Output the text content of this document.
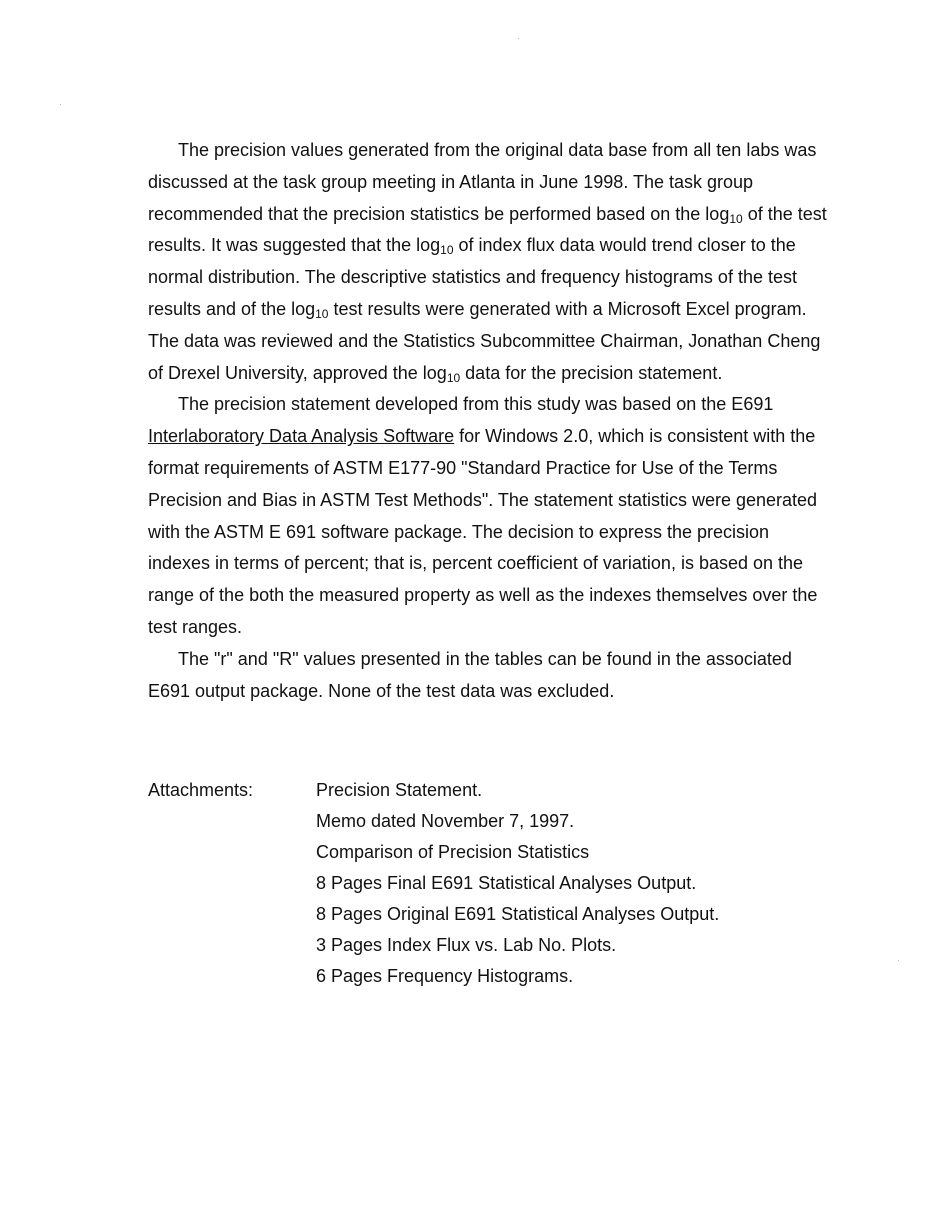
The precision values generated from the original data base from all ten labs was discussed at the task group meeting in Atlanta in June 1998. The task group recommended that the precision statistics be performed based on the $\log_{10}$ of the test results. It was suggested that the $\log_{10}$ of index flux data would trend closer to the normal distribution. The descriptive statistics and frequency histograms of the test results and of the $\log_{10}$ test results were generated with a Microsoft Excel program. The data was reviewed and the Statistics Subcommittee Chairman, Jonathan Cheng of Drexel University, approved the $\log_{10}$ data for the precision statement.

The precision statement developed from this study was based on the E691 Interlaboratory Data Analysis Software for Windows 2.0, which is consistent with the format requirements of ASTM E177-90 "Standard Practice for Use of the Terms Precision and Bias in ASTM Test Methods". The statement statistics were generated with the ASTM E 691 software package. The decision to express the precision indexes in terms of percent; that is, percent coefficient of variation, is based on the range of the both the measured property as well as the indexes themselves over the test ranges.

The "r" and "R" values presented in the tables can be found in the associated E691 output package. None of the test data was excluded.

Attachments:	Precision Statement.
Memo dated November 7, 1997.
Comparison of Precision Statistics
8 Pages Final E691 Statistical Analyses Output.
8 Pages Original E691 Statistical Analyses Output.
3 Pages Index Flux vs. Lab No. Plots.
6 Pages Frequency Histograms.
